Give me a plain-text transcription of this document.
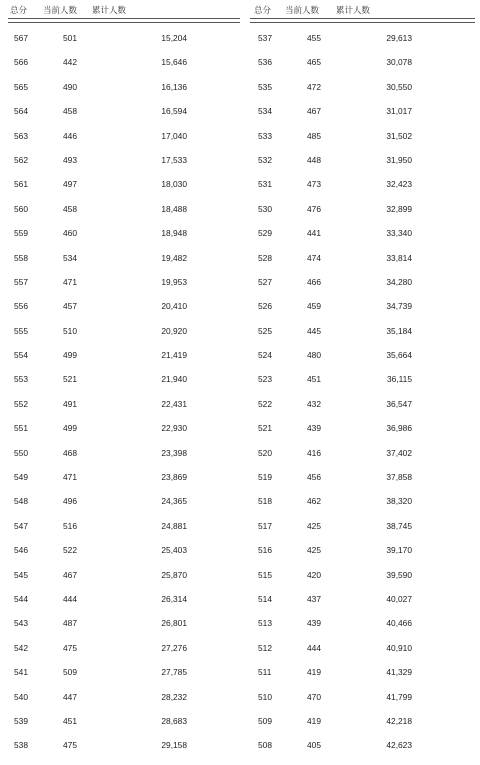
总分 当前人数 累计人数
567	501	15,204
566	442	15,646
565	490	16,136
564	458	16,594
563	446	17,040
562	493	17,533
561	497	18,030
560	458	18,488
559	460	18,948
558	534	19,482
557	471	19,953
556	457	20,410
555	510	20,920
554	499	21,419
553	521	21,940
552	491	22,431
551	499	22,930
550	468	23,398
549	471	23,869
548	496	24,365
547	516	24,881
546	522	25,403
545	467	25,870
544	444	26,314
543	487	26,801
542	475	27,276
541	509	27,785
540	447	28,232
539	451	28,683
538	475	29,158
总分 当前人数 累计人数
537	455	29,613
536	465	30,078
535	472	30,550
534	467	31,017
533	485	31,502
532	448	31,950
531	473	32,423
530	476	32,899
529	441	33,340
528	474	33,814
527	466	34,280
526	459	34,739
525	445	35,184
524	480	35,664
523	451	36,115
522	432	36,547
521	439	36,986
520	416	37,402
519	456	37,858
518	462	38,320
517	425	38,745
516	425	39,170
515	420	39,590
514	437	40,027
513	439	40,466
512	444	40,910
511	419	41,329
510	470	41,799
509	419	42,218
508	405	42,623
